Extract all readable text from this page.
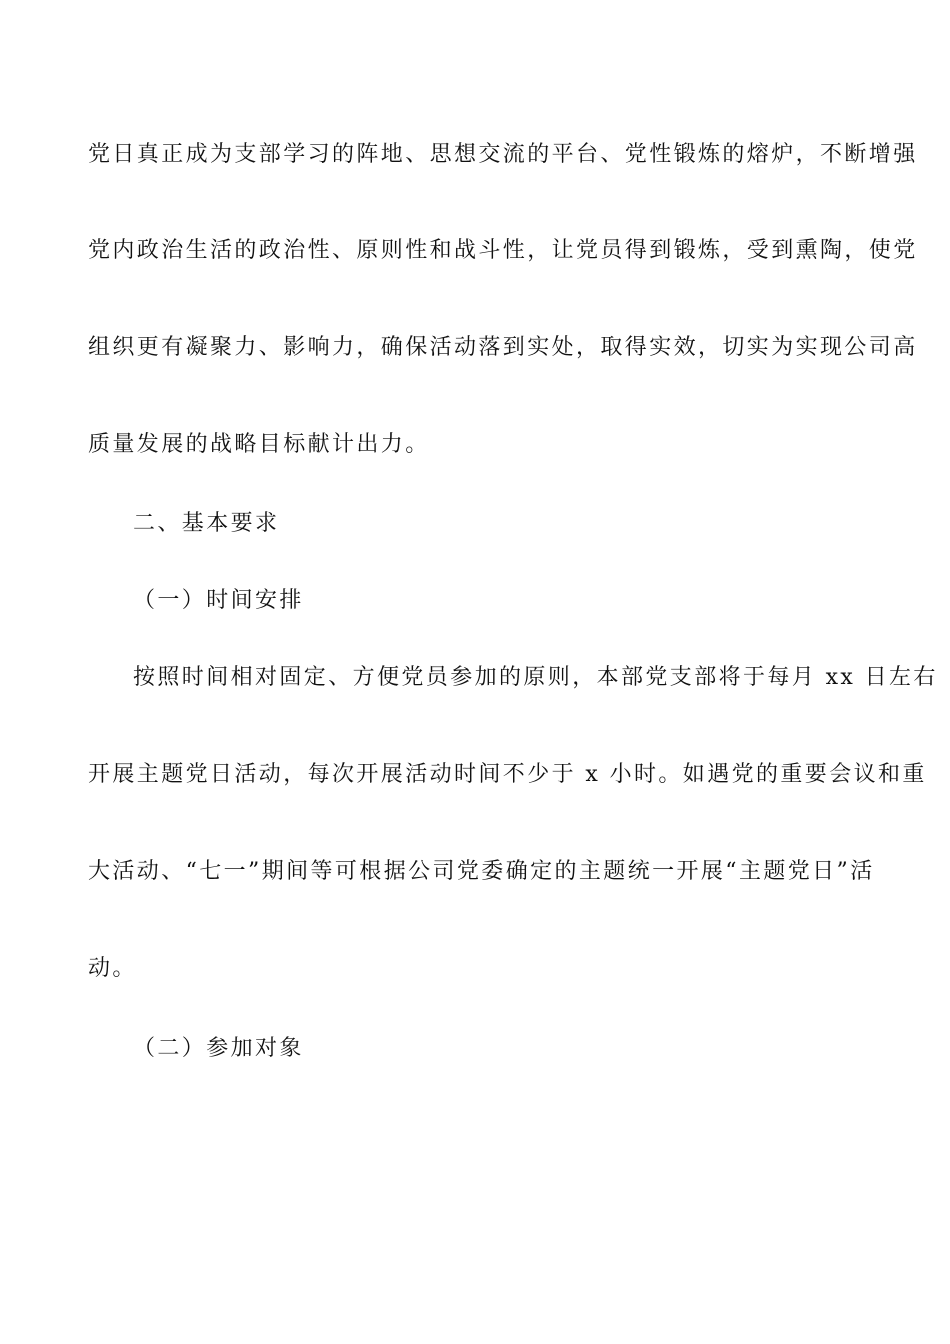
党日真正成为支部学习的阵地、思想交流的平台、党性锻炼的熔炉，不断增强
党内政治生活的政治性、原则性和战斗性，让党员得到锻炼，受到熏陶，使党
组织更有凝聚力、影响力，确保活动落到实处，取得实效，切实为实现公司高
质量发展的战略目标献计出力。
二、基本要求
（一）时间安排
按照时间相对固定、方便党员参加的原则，本部党支部将于每月 xx 日左右
开展主题党日活动，每次开展活动时间不少于 x 小时。如遇党的重要会议和重
大活动、“七一”期间等可根据公司党委确定的主题统一开展“主题党日”活
动。
（二）参加对象
